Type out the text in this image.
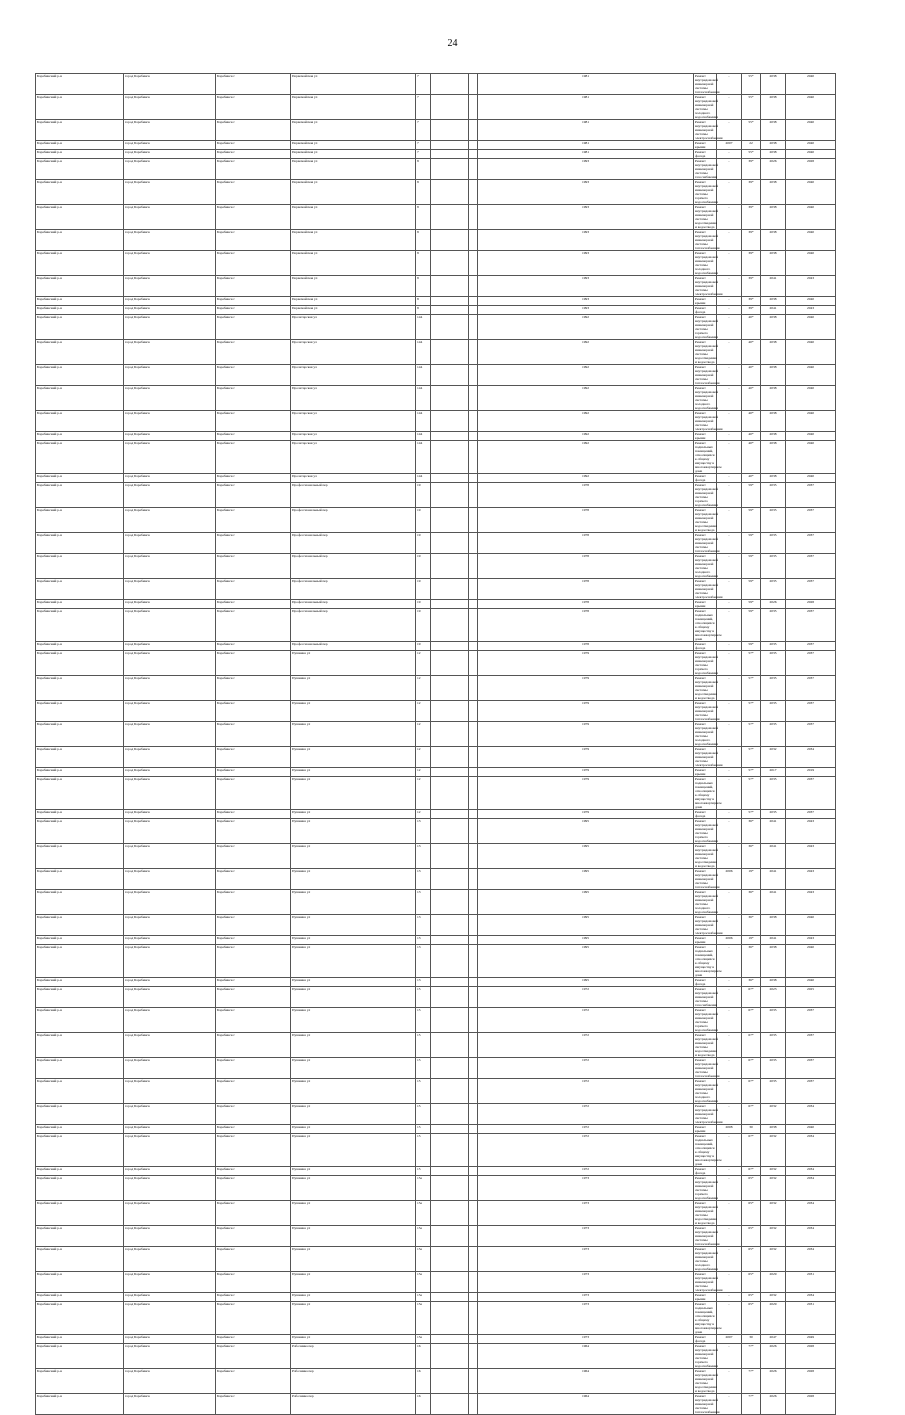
24
Барабинский р-н	город Барабинск	Барабинск г	Первомайская ул	7			1981	Ремонт внутридомовой инженерной системы теплоснабжения	-	55*	2038	2040
Барабинский р-н	город Барабинск	Барабинск г	Первомайская ул	7			1981	Ремонт внутридомовой инженерной системы холодного водоснабжения	-	55*	2038	2040
Барабинский р-н	город Барабинск	Барабинск г	Первомайская ул	7			1981	Ремонт внутридомовой инженерной системы электроснабжения	-	55*	2038	2040
Барабинский р-н	город Барабинск	Барабинск г	Первомайская ул	7			1981	Ремонт крыши	2007	22	2038	2040
Барабинский р-н	город Барабинск	Барабинск г	Первомайская ул	7			1981	Ремонт фасада	-	55*	2038	2040
Барабинский р-н	город Барабинск	Барабинск г	Первомайская ул	8			1993	Ремонт внутридомовой инженерной системы газоснабжения	-	39*	2026	2028
Барабинский р-н	город Барабинск	Барабинск г	Первомайская ул	8			1993	Ремонт внутридомовой инженерной системы горячего водоснабжения	-	39*	2038	2040
Барабинский р-н	город Барабинск	Барабинск г	Первомайская ул	8			1993	Ремонт внутридомовой инженерной системы водоотведения и водоотвода	-	39*	2038	2040
Барабинский р-н	город Барабинск	Барабинск г	Первомайская ул	8			1993	Ремонт внутридомовой инженерной системы теплоснабжения	-	39*	2038	2040
Барабинский р-н	город Барабинск	Барабинск г	Первомайская ул	8			1993	Ремонт внутридомовой инженерной системы холодного водоснабжения	-	39*	2038	2040
Барабинский р-н	город Барабинск	Барабинск г	Первомайская ул	8			1993	Ремонт внутридомовой инженерной системы электроснабжения	-	39*	2041	2043
Барабинский р-н	город Барабинск	Барабинск г	Первомайская ул	8			1993	Ремонт крыши	-	39*	2038	2040
Барабинский р-н	город Барабинск	Барабинск г	Первомайская ул	8			1993	Ремонт фасада	-	39*	2041	2043
Барабинский р-н	город Барабинск	Барабинск г	Пролетарская ул	144			1992	Ремонт внутридомовой инженерной системы горячего водоснабжения	-	40*	2038	2040
Барабинский р-н	город Барабинск	Барабинск г	Пролетарская ул	144			1992	Ремонт внутридомовой инженерной системы водоотведения и водоотвода	-	40*	2038	2040
Барабинский р-н	город Барабинск	Барабинск г	Пролетарская ул	144			1992	Ремонт внутридомовой инженерной системы теплоснабжения	-	40*	2038	2040
Барабинский р-н	город Барабинск	Барабинск г	Пролетарская ул	144			1992	Ремонт внутридомовой инженерной системы холодного водоснабжения	-	40*	2038	2040
Барабинский р-н	город Барабинск	Барабинск г	Пролетарская ул	144			1992	Ремонт внутридомовой инженерной системы электроснабжения	-	40*	2038	2040
Барабинский р-н	город Барабинск	Барабинск г	Пролетарская ул	144			1992	Ремонт крыши	-	40*	2038	2040
Барабинский р-н	город Барабинск	Барабинск г	Пролетарская ул	144			1992	Ремонт подвальных помещений, относящихся к общему имуществу в многоквартирном доме	-	40*	2038	2040
Барабинский р-н	город Барабинск	Барабинск г	Пролетарская ул	144			1992	Ремонт фасада	-	40*	2038	2040
Барабинский р-н	город Барабинск	Барабинск г	Профессиональный пер	19			1978	Ремонт внутридомовой инженерной системы горячего водоснабжения	-	59*	2035	2037
Барабинский р-н	город Барабинск	Барабинск г	Профессиональный пер	19			1978	Ремонт внутридомовой инженерной системы водоотведения и водоотвода	-	59*	2035	2037
Барабинский р-н	город Барабинск	Барабинск г	Профессиональный пер	19			1978	Ремонт внутридомовой инженерной системы теплоснабжения	-	59*	2035	2037
Барабинский р-н	город Барабинск	Барабинск г	Профессиональный пер	19			1978	Ремонт внутридомовой инженерной системы холодного водоснабжения	-	59*	2035	2037
Барабинский р-н	город Барабинск	Барабинск г	Профессиональный пер	19			1978	Ремонт внутридомовой инженерной системы электроснабжения	-	59*	2035	2037
Барабинский р-н	город Барабинск	Барабинск г	Профессиональный пер	19			1978	Ремонт крыши	-	59*	2026	2028
Барабинский р-н	город Барабинск	Барабинск г	Профессиональный пер	19			1978	Ремонт подвальных помещений, относящихся к общему имуществу в многоквартирном доме	-	59*	2035	2037
Барабинский р-н	город Барабинск	Барабинск г	Профессиональный пер	19			1978	Ремонт фасада	-	59*	2035	2037
Барабинский р-н	город Барабинск	Барабинск г	Пушкина ул	12			1979	Ремонт внутридомовой инженерной системы горячего водоснабжения	-	57*	2035	2037
Барабинский р-н	город Барабинск	Барабинск г	Пушкина ул	12			1979	Ремонт внутридомовой инженерной системы водоотведения и водоотвода	-	57*	2035	2037
Барабинский р-н	город Барабинск	Барабинск г	Пушкина ул	12			1979	Ремонт внутридомовой инженерной системы теплоснабжения	-	57*	2035	2037
Барабинский р-н	город Барабинск	Барабинск г	Пушкина ул	12			1979	Ремонт внутридомовой инженерной системы холодного водоснабжения	-	57*	2035	2037
Барабинский р-н	город Барабинск	Барабинск г	Пушкина ул	12			1979	Ремонт внутридомовой инженерной системы электроснабжения	-	57*	2032	2034
Барабинский р-н	город Барабинск	Барабинск г	Пушкина ул	12			1979	Ремонт крыши	-	57*	2017	2019
Барабинский р-н	город Барабинск	Барабинск г	Пушкина ул	12			1979	Ремонт подвальных помещений, относящихся к общему имуществу в многоквартирном доме	-	57*	2035	2037
Барабинский р-н	город Барабинск	Барабинск г	Пушкина ул	12			1979	Ремонт фасада	-	57*	2035	2037
Барабинский р-н	город Барабинск	Барабинск г	Пушкина ул	13			1995	Ремонт внутридомовой инженерной системы горячего водоснабжения	-	36*	2041	2043
Барабинский р-н	город Барабинск	Барабинск г	Пушкина ул	13			1995	Ремонт внутридомовой инженерной системы водоотведения и водоотвода	-	36*	2041	2043
Барабинский р-н	город Барабинск	Барабинск г	Пушкина ул	13			1995	Ремонт внутридомовой инженерной системы теплоснабжения	2006	19*	2041	2043
Барабинский р-н	город Барабинск	Барабинск г	Пушкина ул	13			1995	Ремонт внутридомовой инженерной системы холодного водоснабжения	-	36*	2041	2043
Барабинский р-н	город Барабинск	Барабинск г	Пушкина ул	13			1995	Ремонт внутридомовой инженерной системы электроснабжения	-	36*	2038	2040
Барабинский р-н	город Барабинск	Барабинск г	Пушкина ул	13			1995	Ремонт крыши	2006	19*	2041	2043
Барабинский р-н	город Барабинск	Барабинск г	Пушкина ул	13			1995	Ремонт подвальных помещений, относящихся к общему имуществу в многоквартирном доме	-	36*	2038	2040
Барабинский р-н	город Барабинск	Барабинск г	Пушкина ул	13			1995	Ремонт фасада	-	36*	2038	2040
Барабинский р-н	город Барабинск	Барабинск г	Пушкина ул	15			1972	Ремонт внутридомовой инженерной системы газоснабжения	-	67*	2023	2025
Барабинский р-н	город Барабинск	Барабинск г	Пушкина ул	15			1972	Ремонт внутридомовой инженерной системы горячего водоснабжения	-	67*	2035	2037
Барабинский р-н	город Барабинск	Барабинск г	Пушкина ул	15			1972	Ремонт внутридомовой инженерной системы водоотведения и водоотвода	-	67*	2035	2037
Барабинский р-н	город Барабинск	Барабинск г	Пушкина ул	15			1972	Ремонт внутридомовой инженерной системы теплоснабжения	-	67*	2035	2037
Барабинский р-н	город Барабинск	Барабинск г	Пушкина ул	15			1972	Ремонт внутридомовой инженерной системы холодного водоснабжения	-	67*	2035	2037
Барабинский р-н	город Барабинск	Барабинск г	Пушкина ул	15			1972	Ремонт внутридомовой инженерной системы электроснабжения	-	67*	2032	2034
Барабинский р-н	город Барабинск	Барабинск г	Пушкина ул	15			1972	Ремонт крыши	2008	30	2038	2040
Барабинский р-н	город Барабинск	Барабинск г	Пушкина ул	15			1972	Ремонт подвальных помещений, относящихся к общему имуществу в многоквартирном доме	-	67*	2032	2034
Барабинский р-н	город Барабинск	Барабинск г	Пушкина ул	15			1972	Ремонт фасада	-	67*	2032	2034
Барабинский р-н	город Барабинск	Барабинск г	Пушкина ул	15а			1973	Ремонт внутридомовой инженерной системы горячего водоснабжения	-	65*	2032	2034
Барабинский р-н	город Барабинск	Барабинск г	Пушкина ул	15а			1973	Ремонт внутридомовой инженерной системы водоотведения и водоотвода	-	65*	2032	2034
Барабинский р-н	город Барабинск	Барабинск г	Пушкина ул	15а			1973	Ремонт внутридомовой инженерной системы теплоснабжения	-	65*	2032	2034
Барабинский р-н	город Барабинск	Барабинск г	Пушкина ул	15а			1973	Ремонт внутридомовой инженерной системы холодного водоснабжения	-	65*	2032	2034
Барабинский р-н	город Барабинск	Барабинск г	Пушкина ул	15а			1973	Ремонт внутридомовой инженерной системы электроснабжения	-	65*	2029	2031
Барабинский р-н	город Барабинск	Барабинск г	Пушкина ул	15а			1973	Ремонт крыши	-	65*	2032	2034
Барабинский р-н	город Барабинск	Барабинск г	Пушкина ул	15а			1973	Ремонт подвальных помещений, относящихся к общему имуществу в многоквартирном доме	-	65*	2029	2031
Барабинский р-н	город Барабинск	Барабинск г	Пушкина ул	15а			1973	Ремонт фасада	2007	30	2047	2049
Барабинский р-н	город Барабинск	Барабинск г	Рабочника пер	16			1964	Ремонт внутридомовой инженерной системы горячего водоснабжения	-	77*	2026	2028
Барабинский р-н	город Барабинск	Барабинск г	Рабочника пер	16			1964	Ремонт внутридомовой инженерной системы водоотведения и водоотвода	-	77*	2026	2028
Барабинский р-н	город Барабинск	Барабинск г	Рабочника пер	16			1964	Ремонт внутридомовой инженерной системы теплоснабжения	-	77*	2026	2028
